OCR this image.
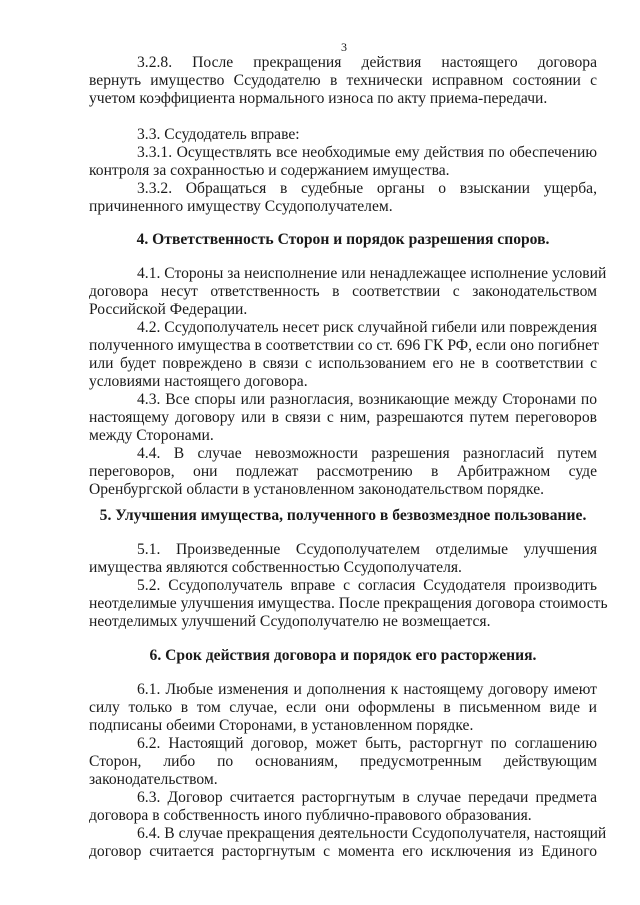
3
3.2.8. После прекращения действия настоящего договора
вернуть имущество Ссудодателю в технически исправном состоянии с
учетом коэффициента нормального износа по акту приема-передачи.
3.3. Ссудодатель вправе:
3.3.1. Осуществлять все необходимые ему действия по обеспечению
контроля за сохранностью и содержанием имущества.
3.3.2. Обращаться в судебные органы о взыскании ущерба,
причиненного имуществу Ссудополучателем.
4. Ответственность Сторон и порядок разрешения споров.
4.1. Стороны за неисполнение или ненадлежащее исполнение условий
договора несут ответственность в соответствии с законодательством
Российской Федерации.
4.2. Ссудополучатель несет риск случайной гибели или повреждения
полученного имущества в соответствии со ст. 696 ГК РФ, если оно погибнет
или будет повреждено в связи с использованием его не в соответствии с
условиями настоящего договора.
4.3. Все споры или разногласия, возникающие между Сторонами по
настоящему договору или в связи с ним, разрешаются путем переговоров
между Сторонами.
4.4. В случае невозможности разрешения разногласий путем
переговоров, они подлежат рассмотрению в Арбитражном суде
Оренбургской области в установленном законодательством порядке.
5. Улучшения имущества, полученного в безвозмездное пользование.
5.1. Произведенные Ссудополучателем отделимые улучшения
имущества являются собственностью Ссудополучателя.
5.2. Ссудополучатель вправе с согласия Ссудодателя производить
неотделимые улучшения имущества. После прекращения договора стоимость
неотделимых улучшений Ссудополучателю не возмещается.
6. Срок действия договора и порядок его расторжения.
6.1. Любые изменения и дополнения к настоящему договору имеют
силу только в том случае, если они оформлены в письменном виде и
подписаны обеими Сторонами, в установленном порядке.
6.2. Настоящий договор, может быть, расторгнут по соглашению
Сторон, либо по основаниям, предусмотренным действующим
законодательством.
6.3. Договор считается расторгнутым в случае передачи предмета
договора в собственность иного публично-правового образования.
6.4. В случае прекращения деятельности Ссудополучателя, настоящий
договор считается расторгнутым с момента его исключения из Единого
